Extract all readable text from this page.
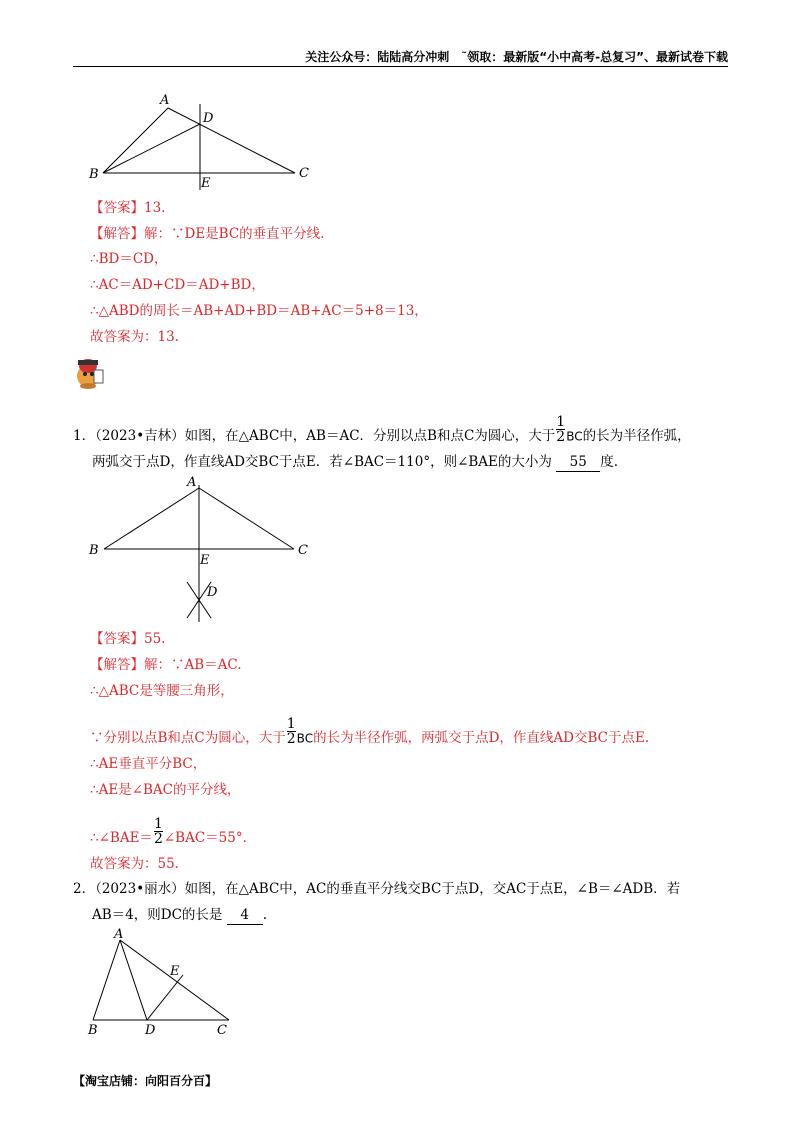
关注公众号：陆陆高分冲刺　˜领取：最新版“小中高考-总复习”、最新试卷下载
A
D
B
E
C
【答案】13.
【解答】解：∵DE是BC的垂直平分线.
∴BD＝CD，
∴AC＝AD+CD＝AD+BD，
∴△ABD的周长＝AB+AD+BD＝AB+AC＝5+8＝13，
故答案为：13.
1．（2023•吉林）如图，在△ABC中，AB＝AC．分别以点B和点C为圆心，大于 $\frac{1}{2}$ BC的长为半径作弧，
两弧交于点D，作直线AD交BC于点E．若∠BAC＝110°，则∠BAE的大小为 55 度.
A
B
E
C
D
【答案】55.
【解答】解：∵AB＝AC.
∴△ABC是等腰三角形，
∵分别以点B和点C为圆心，大于 $\frac{1}{2}$ BC的长为半径作弧，两弧交于点D，作直线AD交BC于点E.
∴AE垂直平分BC，
∴AE是∠BAC的平分线，
∴∠BAE＝ $\frac{1}{2}$ ∠BAC＝55°.
故答案为：55.
2．（2023•丽水）如图，在△ABC中，AC的垂直平分线交BC于点D，交AC于点E，∠B＝∠ADB．若
AB＝4，则DC的长是 4 .
A
E
B	D	C
【淘宝店铺：向阳百分百】
